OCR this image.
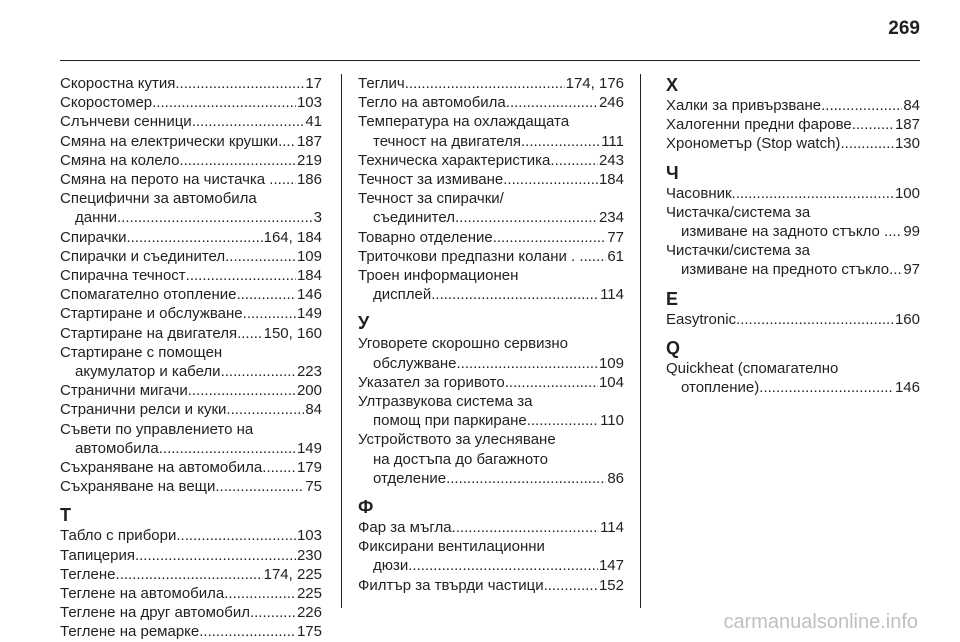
269
Скоростна кутия .....	17
Скоростомер .....	103
Слънчеви сенници .....	41
Смяна на електрически крушки ..... 187
Смяна на колело .....	219
Смяна на перото на чистачка . ..... 186
Специфични за автомобила
данни .....	3
Спирачки .....	164, 184
Спирачки и съединител .....	109
Спирачна течност .....	184
Спомагателно отопление .....	146
Стартиране и обслужване .....	149
Стартиране на двигателя ..... 150, 160
Стартиране с помощен
акумулатор и кабели .....	223
Странични мигачи .....	200
Странични релси и куки .....	84
Съвети по управлението на
автомобила .....	149
Съхраняване на автомобила ..... 179
Съхраняване на вещи .....	75
Т
Табло с прибори .....	103
Тапицерия .....	230
Теглене .....	174, 225
Теглене на автомобила .....	225
Теглене на друг автомобил .....	226
Теглене на ремарке .....	175
Теглич .....	174, 176
Тегло на автомобила .....	246
Температура на охлаждащата
течност на двигателя .....	111
Техническа характеристика .....	243
Течност за измиване .....	184
Течност за спирачки/
съединител .....	234
Товарно отделение .....	77
Триточкови предпазни колани . . ..... 61
Троен информационен
дисплей .....	114
У
Уговорете скорошно сервизно
обслужване .....	109
Указател за горивото .....	104
Ултразвукова система за
помощ при паркиране .....	110
Устройството за улесняване
на достъпа до багажното
отделение .....	86
Ф
Фар за мъгла .....	114
Фиксирани вентилационни
дюзи .....	147
Филтър за твърди частици .....	152
Х
Халки за привързване .....	84
Халогенни предни фарове .....	187
Хронометър (Stop watch) .....	130
Ч
Часовник .....	100
Чистачка/система за
измиване на задното стъкло . ..... 99
Чистачки/система за
измиване на предното стъкло ..... 97
E
Easytronic .....	160
Q
Quickheat (спомагателно
отопление) .....	146
carmanualsonline.info
